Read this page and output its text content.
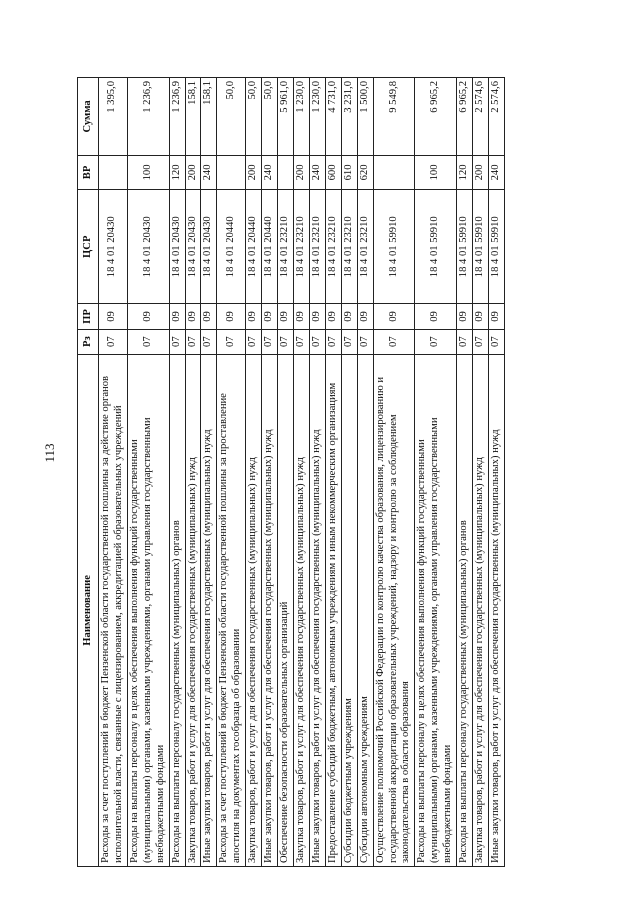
113
Наименование	Рз	ПР	ЦСР	ВР	Сумма
Расходы за счет поступлений в бюджет Пензенской области государственной пошлины за действие органов исполнительной власти, связанные с лицензированием, аккредитацией образовательных учреждений	07	09	18 4 01 20430		1 395,0
Расходы на выплаты персоналу в целях обеспечения выполнения функций государственными (муниципальными) органами, казенными учреждениями, органами управления государственными внебюджетными фондами	07	09	18 4 01 20430	100	1 236,9
Расходы на выплаты персоналу государственных (муниципальных) органов	07	09	18 4 01 20430	120	1 236,9
Закупка товаров, работ и услуг для обеспечения государственных (муниципальных) нужд	07	09	18 4 01 20430	200	158,1
Иные закупки товаров, работ и услуг для обеспечения государственных (муниципальных) нужд	07	09	18 4 01 20430	240	158,1
Расходы за счет поступлений в бюджет Пензенской области государственной пошлины за проставление апостиля на документах гособразца об образовании	07	09	18 4 01 20440		50,0
Закупка товаров, работ и услуг для обеспечения государственных (муниципальных) нужд	07	09	18 4 01 20440	200	50,0
Иные закупки товаров, работ и услуг для обеспечения государственных (муниципальных) нужд	07	09	18 4 01 20440	240	50,0
Обеспечение безопасности образовательных организаций	07	09	18 4 01 23210		5 961,0
Закупка товаров, работ и услуг для обеспечения государственных (муниципальных) нужд	07	09	18 4 01 23210	200	1 230,0
Иные закупки товаров, работ и услуг для обеспечения государственных (муниципальных) нужд	07	09	18 4 01 23210	240	1 230,0
Предоставление субсидий бюджетным, автономным учреждениям и иным некоммерческим организациям	07	09	18 4 01 23210	600	4 731,0
Субсидии бюджетным учреждениям	07	09	18 4 01 23210	610	3 231,0
Субсидии автономным учреждениям	07	09	18 4 01 23210	620	1 500,0
Осуществление полномочий Российской Федерации по контролю качества образования, лицензированию и государственной аккредитации образовательных учреждений, надзору и контролю за соблюдением законодательства в области образования	07	09	18 4 01 59910		9 549,8
Расходы на выплаты персоналу в целях обеспечения выполнения функций государственными (муниципальными) органами, казенными учреждениями, органами управления государственными внебюджетными фондами	07	09	18 4 01 59910	100	6 965,2
Расходы на выплаты персоналу государственных (муниципальных) органов	07	09	18 4 01 59910	120	6 965,2
Закупка товаров, работ и услуг для обеспечения государственных (муниципальных) нужд	07	09	18 4 01 59910	200	2 574,6
Иные закупки товаров, работ и услуг для обеспечения государственных (муниципальных) нужд	07	09	18 4 01 59910	240	2 574,6
